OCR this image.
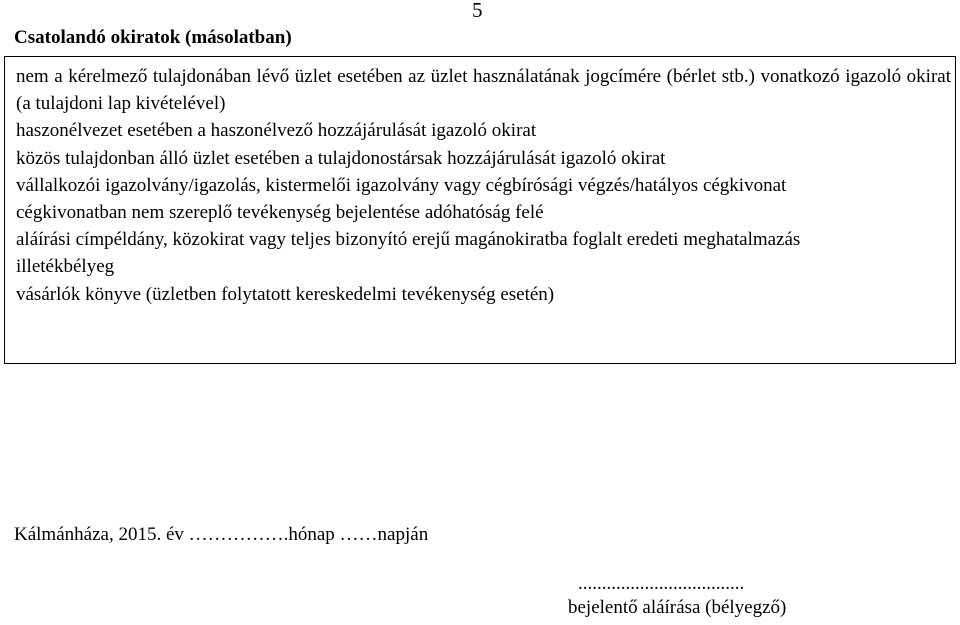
5
Csatolandó okiratok (másolatban)
nem a kérelmező tulajdonában lévő üzlet esetében az üzlet használatának jogcímére (bérlet stb.) vonatkozó igazoló okirat (a tulajdoni lap kivételével)
haszonélvezet esetében a haszonélvező hozzájárulását igazoló okirat
közös tulajdonban álló üzlet esetében a tulajdonostársak hozzájárulását igazoló okirat
vállalkozói igazolvány/igazolás, kistermelői igazolvány vagy cégbírósági végzés/hatályos cégkivonat
cégkivonatban nem szereplő tevékenység bejelentése adóhatóság felé
aláírási címpéldány, közokirat vagy teljes bizonyító erejű magánokiratba foglalt eredeti meghatalmazás
illetékbélyeg
vásárlók könyve (üzletben folytatott kereskedelmi tevékenység esetén)
Kálmánháza, 2015. év …………….hónap ……napján
...................................
bejelentő aláírása (bélyegző)
